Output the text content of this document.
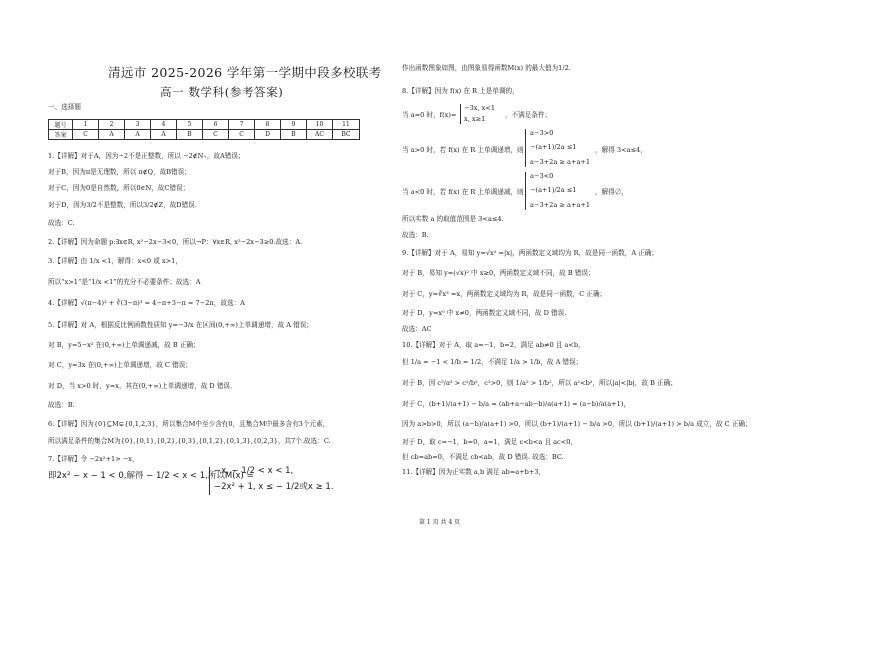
清远市 2025-2026 学年第一学期中段多校联考
高一 数学科(参考答案)
一、选择题
题号	1	2	3	4	5	6	7	8	9	10	11
答案	C	A	A	A	B	C	C	D	B	AC	BC
1.【详解】对于A，因为−2不是正整数，所以 −2∉N₊，故A错误；
对于B，因为π是无理数，所以 π∉Q，故B错误；
对于C，因为0是自然数，所以0∈N，故C错误；
对于D，因为3/2不是整数，所以3/2∉Z，故D错误.
故选：C.
2.【详解】因为命题 p:∃x∈R, x²−2x−3<0，所以¬P：∀x∈R, x²−2x−3≥0.故选：A.
3.【详解】由 1/x <1，解得：x<0 或 x>1，
所以“x>1”是“1/x <1”的充分不必要条件；故选：A
4.【详解】√(π−4)² + ∛(3−π)³ = 4−π+3−π = 7−2π，故选：A
5.【详解】对 A，根据反比例函数性质知 y=−3/x 在区间(0,+∞)上单调递增，故 A 错误；
对 B，y=5−x² 在(0,+∞)上单调递减，故 B 正确；
对 C，y=3x 在(0,+∞)上单调递增，故 C 错误；
对 D，当 x>0 时，y=x，其在(0,+∞)上单调递增，故 D 错误.
故选：B.
6.【详解】因为{0}⊆M⊊{0,1,2,3}，所以集合M中至少含有0，且集合M中最多含有3个元素，
所以满足条件的集合M为{0},{0,1},{0,2},{0,3},{0,1,2},{0,1,3},{0,2,3}，共7个.故选：C.
7.【详解】令 −2x²+1> −x，
即2x² − x − 1 < 0,解得 − 1/2 < x < 1,所以M(x) =
−x, − 1/2 < x < 1,
−2x² + 1, x ≤ − 1/2或x ≥ 1.
作出函数图象如图，由图象易得函数M(x) 的最大值为1/2.
8.【详解】因为 f(x) 在 R 上是单调的，
当 a=0 时，f(x)=
−3x, x<1
x, x≥1	，不满足条件；
当 a>0 时，若 f(x) 在 R 上单调递增，则
a−3>0
−(a+1)/2a ≤1
a−3+2a ≥ a+a+1
，解得 3<a≤4，
当 a<0 时，若 f(x) 在 R 上单调递减，则
a−3<0
−(a+1)/2a ≤1
a−3+2a ≥ a+a+1
，解得∅，
所以实数 a 的取值范围是 3<a≤4.
故选：B.
9.【详解】对于 A，易知 y=√x² =|x|，两函数定义域均为 R，故是同一函数，A 正确；
对于 B，易知 y=(√x)² 中 x≥0，两函数定义域不同，故 B 错误；
对于 C，y=∛x³ =x，两函数定义域均为 R，故是同一函数，C 正确；
对于 D，y=x⁰ 中 x≠0，两函数定义域不同，故 D 错误.
故选：AC
10.【详解】对于 A，取 a=−1，b=2，满足 ab≠0 且 a<b，
但 1/a = −1 < 1/b = 1/2，不满足 1/a > 1/b，故 A 错误；
对于 B，因 c²/a² > c²/b²，c²>0，则 1/a² > 1/b²，所以 a²<b²，所以|a|<|b|，故 B 正确；
对于 C，(b+1)/(a+1) − b/a = (ab+a−ab−b)/a(a+1) = (a−b)/a(a+1)，
因为 a>b>0，所以 (a−b)/a(a+1) >0，所以 (b+1)/(a+1) − b/a >0，所以 (b+1)/(a+1) > b/a 成立，故 C 正确；
对于 D，取 c=−1，b=0，a=1，满足 c<b<a 且 ac<0，
但 cb=ab=0，不满足 cb<ab，故 D 错误. 故选：BC.
11.【详解】因为正实数 a,b 满足 ab=a+b+3，
第 1 页 共 4 页
